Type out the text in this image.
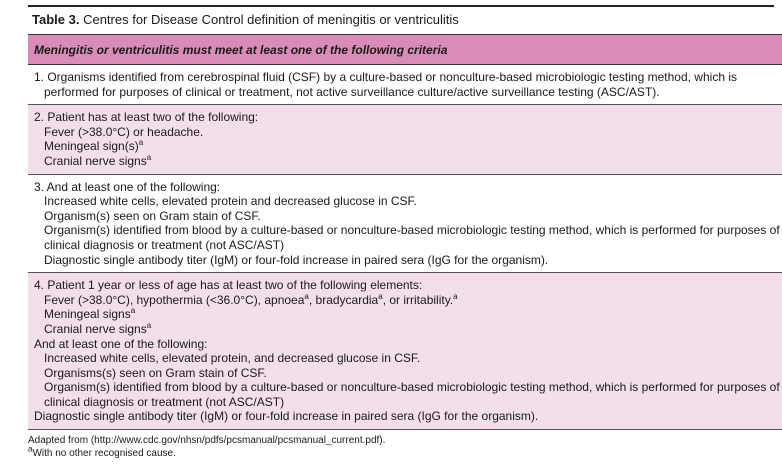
Table 3. Centres for Disease Control definition of meningitis or ventriculitis
Meningitis or ventriculitis must meet at least one of the following criteria

1. Organisms identified from cerebrospinal fluid (CSF) by a culture-based or nonculture-based microbiologic testing method, which is
performed for purposes of clinical or treatment, not active surveillance culture/active surveillance testing (ASC/AST).

2. Patient has at least two of the following:
Fever (>38.0°C) or headache.
Meningeal $sign(s)^a$
Cranial nerve signs$^a$

3. And at least one of the following:
Increased white cells, elevated protein and decreased glucose in CSF.
Organism(s) seen on Gram stain of CSF.
Organism(s) identified from blood by a culture-based or nonculture-based microbiologic testing method, which is performed for purposes of
clinical diagnosis or treatment (not ASC/AST)
Diagnostic single antibody titer (IgM) or four-fold increase in paired sera (IgG for the organism).

4. Patient 1 year or less of age has at least two of the following elements:
Fever (>38.0°C), hypothermia (<36.0°C), apnoea$^a$, bradycardia$^a$, or irritability.$^a$
Meningeal signs$^a$
Cranial nerve signs$^a$
And at least one of the following:
Increased white cells, elevated protein, and decreased glucose in CSF.
Organisms(s) seen on Gram stain of CSF.
Organism(s) identified from blood by a culture-based or nonculture-based microbiologic testing method, which is performed for purposes of
clinical diagnosis or treatment (not ASC/AST)
Diagnostic single antibody titer (IgM) or four-fold increase in paired sera (IgG for the organism).
Adapted from (http://www.cdc.gov/nhsn/pdfs/pcsmanual/pcsmanual_current.pdf).
$^a$With no other recognised cause.
